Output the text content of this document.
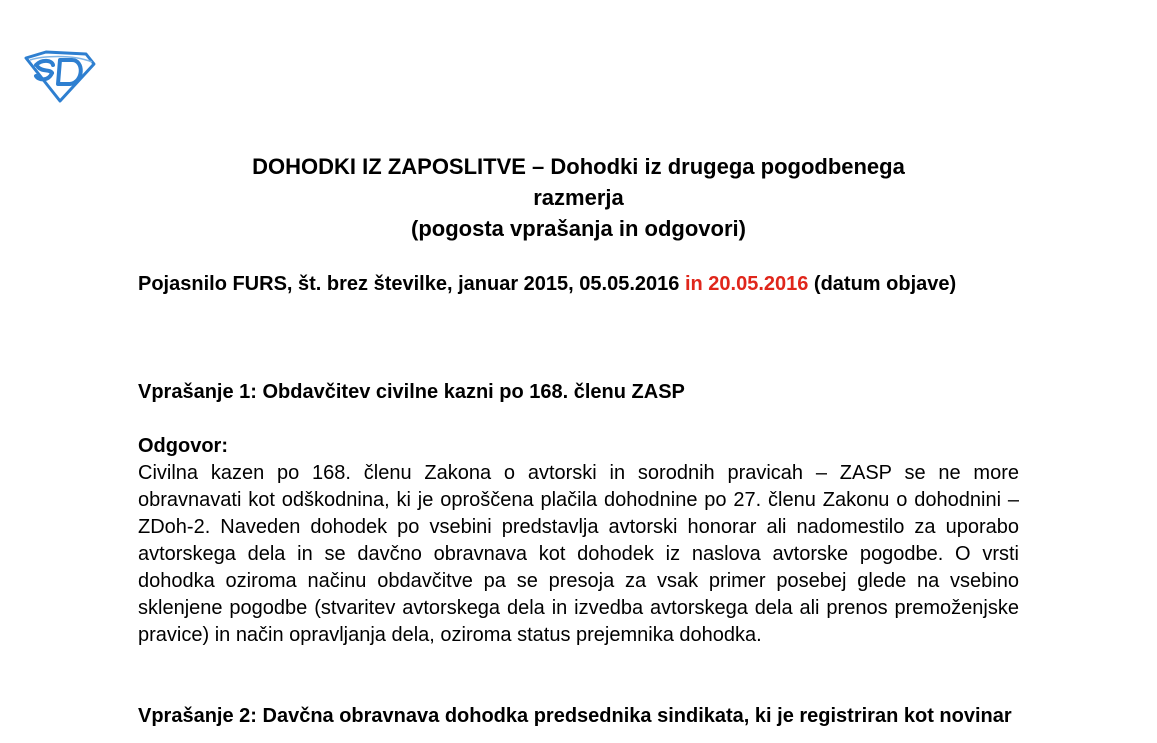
DOHODKI IZ ZAPOSLITVE – Dohodki iz drugega pogodbenega
razmerja
(pogosta vprašanja in odgovori)
Pojasnilo FURS, št. brez številke, januar 2015, 05.05.2016 in 20.05.2016 (datum objave)
Vprašanje 1: Obdavčitev civilne kazni po 168. členu ZASP
Odgovor:
Civilna kazen po 168. členu Zakona o avtorski in sorodnih pravicah – ZASP se ne more obravnavati kot odškodnina, ki je oproščena plačila dohodnine po 27. členu Zakonu o dohodnini – ZDoh-2. Naveden dohodek po vsebini predstavlja avtorski honorar ali nadomestilo za uporabo avtorskega dela in se davčno obravnava kot dohodek iz naslova avtorske pogodbe. O vrsti dohodka oziroma načinu obdavčitve pa se presoja za vsak primer posebej glede na vsebino sklenjene pogodbe (stvaritev avtorskega dela in izvedba avtorskega dela ali prenos premoženjske pravice) in način opravljanja dela, oziroma status prejemnika dohodka.
Vprašanje 2: Davčna obravnava dohodka predsednika sindikata, ki je registriran kot novinar
